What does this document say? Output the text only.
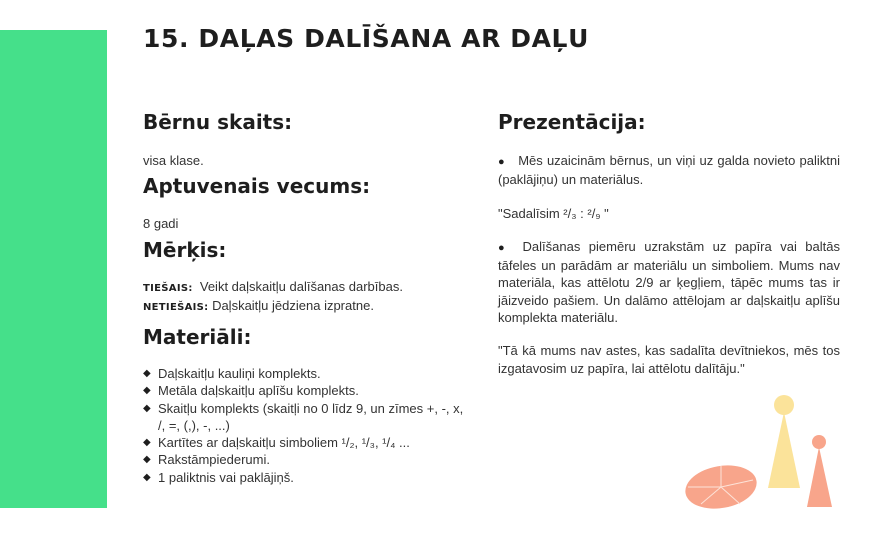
15. DAĻAS DALĪŠANA AR DAĻU
Bērnu skaits:

visa klase.

Aptuvenais vecums:

8 gadi

Mērķis:

TIEŠAIS: Veikt daļskaitļu dalīšanas darbības.

NETIEŠAIS: Daļskaitļu jēdziena izpratne.

Materiāli:
◆ Daļskaitļu kauliņi komplekts.
◆ Metāla daļskaitļu aplīšu komplekts.
◆ Skaitļu komplekts (skaitļi no 0 līdz 9, un zīmes +, -, x, /, =, (,), -, ...)
◆ Kartītes ar daļskaitļu simboliem ¹/₂, ¹/₃, ¹/₄ ...
◆ Rakstāmpiederumi.
◆ 1 paliktnis vai paklājiņš.
Prezentācija:

● Mēs uzaicinām bērnus, un viņi uz galda novieto paliktni (paklājiņu) un materiālus.

"Sadalīsim ²/₃ : ²/₉ "

● Dalīšanas piemēru uzrakstām uz papīra vai baltās tāfeles un parādām ar materiālu un simboliem. Mums nav materiāla, kas attēlotu 2/9 ar ķegļiem, tāpēc mums tas ir jāizveido pašiem. Un dalāmo attēlojam ar daļskaitļu aplīšu komplekta materiālu.

"Tā kā mums nav astes, kas sadalīta devītniekos, mēs tos izgatavosim uz papīra, lai attēlotu dalītāju."
